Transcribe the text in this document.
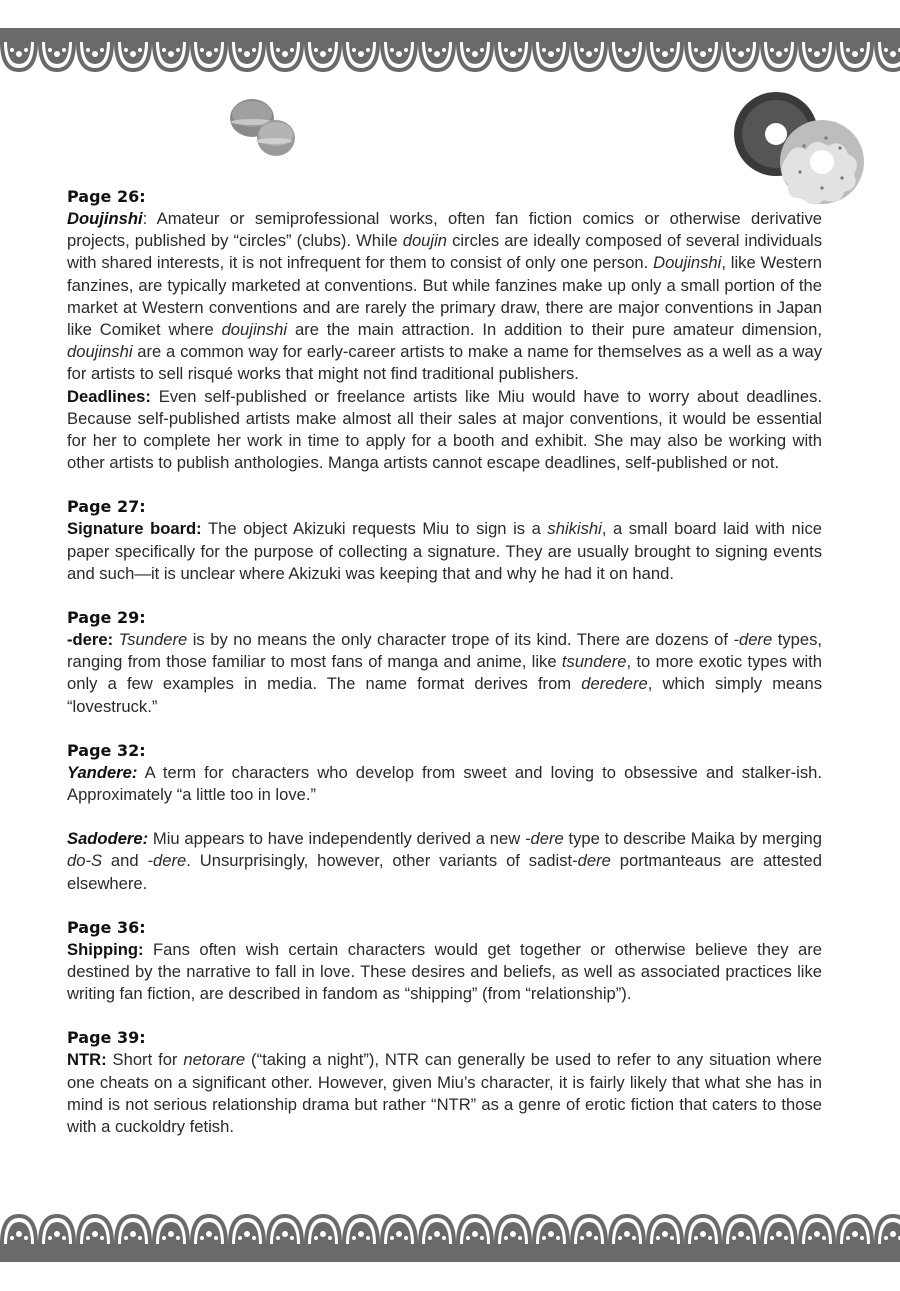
Page 26:

Doujinshi: Amateur or semiprofessional works, often fan fiction comics or otherwise derivative projects, published by “circles” (clubs). While doujin circles are ideally composed of several individuals with shared interests, it is not infrequent for them to consist of only one person. Doujinshi, like Western fanzines, are typically marketed at conventions. But while fanzines make up only a small portion of the market at Western conventions and are rarely the primary draw, there are major conventions in Japan like Comiket where doujinshi are the main attraction. In addition to their pure amateur dimension, doujinshi are a common way for early-career artists to make a name for themselves as a well as a way for artists to sell risqué works that might not find traditional publishers.

Deadlines: Even self-published or freelance artists like Miu would have to worry about deadlines. Because self-published artists make almost all their sales at major conventions, it would be essential for her to complete her work in time to apply for a booth and exhibit. She may also be working with other artists to publish anthologies. Manga artists cannot escape deadlines, self-published or not.

Page 27:

Signature board: The object Akizuki requests Miu to sign is a shikishi, a small board laid with nice paper specifically for the purpose of collecting a signature. They are usually brought to signing events and such—it is unclear where Akizuki was keeping that and why he had it on hand.

Page 29:

-dere: Tsundere is by no means the only character trope of its kind. There are dozens of -dere types, ranging from those familiar to most fans of manga and anime, like tsundere, to more exotic types with only a few examples in media. The name format derives from deredere, which simply means “lovestruck.”

Page 32:

Yandere: A term for characters who develop from sweet and loving to obsessive and stalker-ish. Approximately “a little too in love.”

Sadodere: Miu appears to have independently derived a new -dere type to describe Maika by merging do-S and -dere. Unsurprisingly, however, other variants of sadist-dere portmanteaus are attested elsewhere.

Page 36:

Shipping: Fans often wish certain characters would get together or otherwise believe they are destined by the narrative to fall in love. These desires and beliefs, as well as associated practices like writing fan fiction, are described in fandom as “shipping” (from “relationship”).

Page 39:

NTR: Short for netorare (“taking a night”), NTR can generally be used to refer to any situation where one cheats on a significant other. However, given Miu’s character, it is fairly likely that what she has in mind is not serious relationship drama but rather “NTR” as a genre of erotic fiction that caters to those with a cuckoldry fetish.
